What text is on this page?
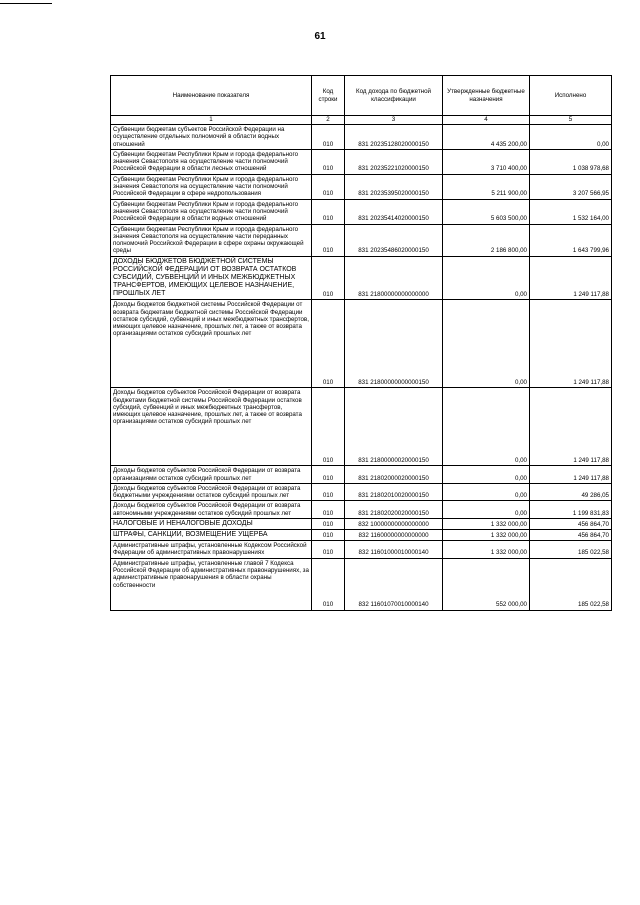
61
Наименование показателя	Код строки	Код дохода по бюджетной классификации	Утвержденные бюджетные назначения	Исполнено
1	2	3	4	5
Субвенции бюджетам субъектов Российской Федерации на осуществление отдельных полномочий в области водных отношений	010	831 20235128020000150	4 435 200,00	0,00
Субвенции бюджетам Республики Крым и города федерального значения Севастополя на осуществление части полномочий Российской Федерации в области лесных отношений	010	831 20235221020000150	3 710 400,00	1 038 978,68
Субвенции бюджетам Республики Крым и города федерального значения Севастополя на осуществление части полномочий Российской Федерации в сфере недропользования	010	831 20235395020000150	5 211 900,00	3 207 566,95
Субвенции бюджетам Республики Крым и города федерального значения Севастополя на осуществление части полномочий Российской Федерации в области водных отношений	010	831 20235414020000150	5 603 500,00	1 532 164,00
Субвенции бюджетам Республики Крым и города федерального значения Севастополя на осуществление части переданных полномочий Российской Федерации в сфере охраны окружающей среды	010	831 20235486020000150	2 186 800,00	1 643 799,96
ДОХОДЫ БЮДЖЕТОВ БЮДЖЕТНОЙ СИСТЕМЫ РОССИЙСКОЙ ФЕДЕРАЦИИ ОТ ВОЗВРАТА ОСТАТКОВ СУБСИДИЙ, СУБВЕНЦИЙ И ИНЫХ МЕЖБЮДЖЕТНЫХ ТРАНСФЕРТОВ, ИМЕЮЩИХ ЦЕЛЕВОЕ НАЗНАЧЕНИЕ, ПРОШЛЫХ ЛЕТ	010	831 21800000000000000	0,00	1 249 117,88
Доходы бюджетов бюджетной системы Российской Федерации от возврата бюджетами бюджетной системы Российской Федерации остатков субсидий, субвенций и иных межбюджетных трансфертов, имеющих целевое назначение, прошлых лет, а также от возврата организациями остатков субсидий прошлых лет	010	831 21800000000000150	0,00	1 249 117,88
Доходы бюджетов субъектов Российской Федерации от возврата бюджетами бюджетной системы Российской Федерации остатков субсидий, субвенций и иных межбюджетных трансфертов, имеющих целевое назначение, прошлых лет, а также от возврата организациями остатков субсидий прошлых лет	010	831 21800000020000150	0,00	1 249 117,88
Доходы бюджетов субъектов Российской Федерации от возврата организациями остатков субсидий прошлых лет	010	831 21802000020000150	0,00	1 249 117,88
Доходы бюджетов субъектов Российской Федерации от возврата бюджетными учреждениями остатков субсидий прошлых лет	010	831 21802010020000150	0,00	49 286,05
Доходы бюджетов субъектов Российской Федерации от возврата автономными учреждениями остатков субсидий прошлых лет	010	831 21802020020000150	0,00	1 199 831,83
НАЛОГОВЫЕ И НЕНАЛОГОВЫЕ ДОХОДЫ	010	832 10000000000000000	1 332 000,00	456 864,70
ШТРАФЫ, САНКЦИИ, ВОЗМЕЩЕНИЕ УЩЕРБА	010	832 11600000000000000	1 332 000,00	456 864,70
Административные штрафы, установленные Кодексом Российской Федерации об административных правонарушениях	010	832 11601000010000140	1 332 000,00	185 022,58
Административные штрафы, установленные главой 7 Кодекса Российской Федерации об административных правонарушениях, за административные правонарушения в области охраны собственности	010	832 11601070010000140	552 000,00	185 022,58
